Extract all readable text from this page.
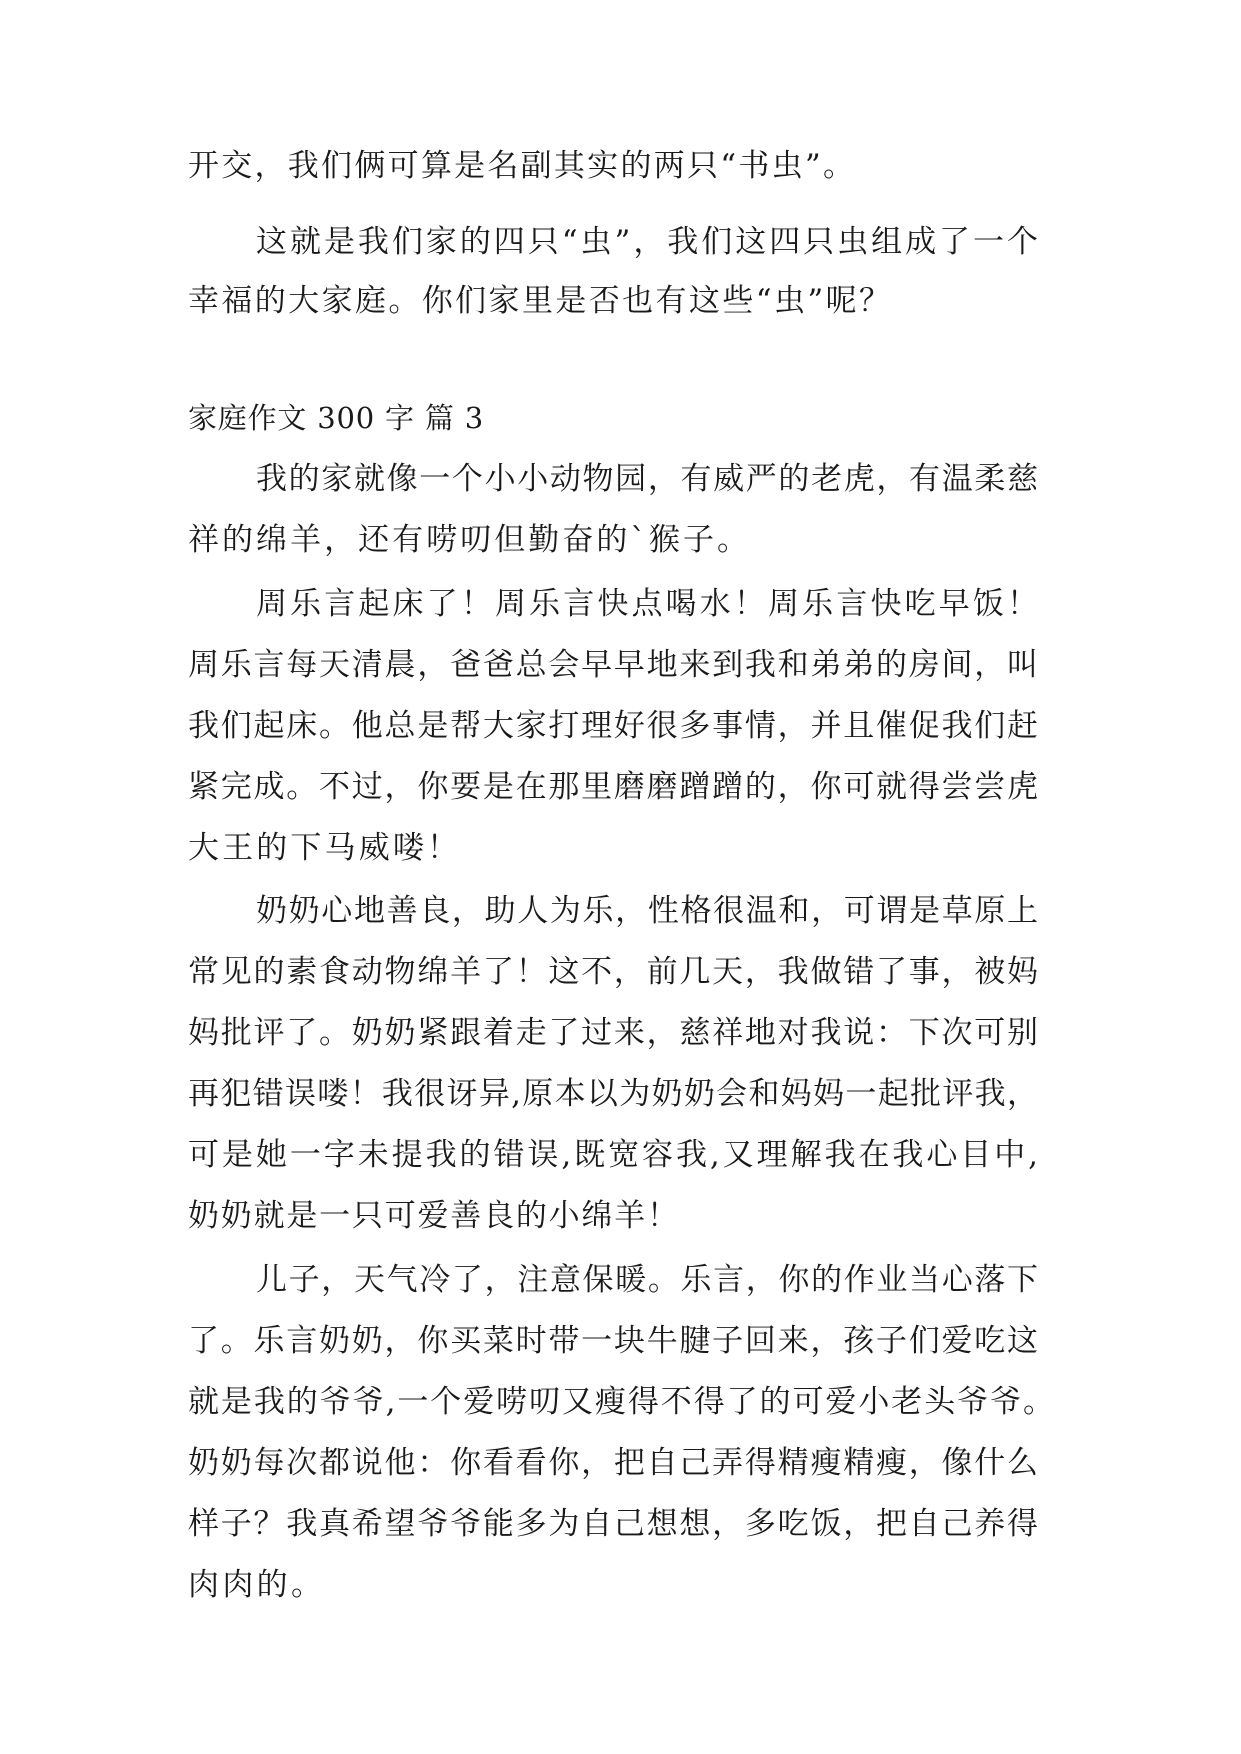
开交，我们俩可算是名副其实的两只“书虫”。
这就是我们家的四只“虫”，我们这四只虫组成了一个
幸福的大家庭。你们家里是否也有这些“虫”呢？
家庭作文 300 字 篇 3
我的家就像一个小小动物园，有威严的老虎，有温柔慈
祥的绵羊，还有唠叨但勤奋的`猴子。
周乐言起床了！周乐言快点喝水！周乐言快吃早饭！
周乐言每天清晨，爸爸总会早早地来到我和弟弟的房间，叫
我们起床。他总是帮大家打理好很多事情，并且催促我们赶
紧完成。不过，你要是在那里磨磨蹭蹭的，你可就得尝尝虎
大王的下马威喽！
奶奶心地善良，助人为乐，性格很温和，可谓是草原上
常见的素食动物绵羊了！这不，前几天，我做错了事，被妈
妈批评了。奶奶紧跟着走了过来，慈祥地对我说：下次可别
再犯错误喽！我很讶异,原本以为奶奶会和妈妈一起批评我，
可是她一字未提我的错误,既宽容我,又理解我在我心目中,
奶奶就是一只可爱善良的小绵羊！
儿子，天气冷了，注意保暖。乐言，你的作业当心落下
了。乐言奶奶，你买菜时带一块牛腱子回来，孩子们爱吃这
就是我的爷爷,一个爱唠叨又瘦得不得了的可爱小老头爷爷。
奶奶每次都说他：你看看你，把自己弄得精瘦精瘦，像什么
样子？我真希望爷爷能多为自己想想，多吃饭，把自己养得
肉肉的。
